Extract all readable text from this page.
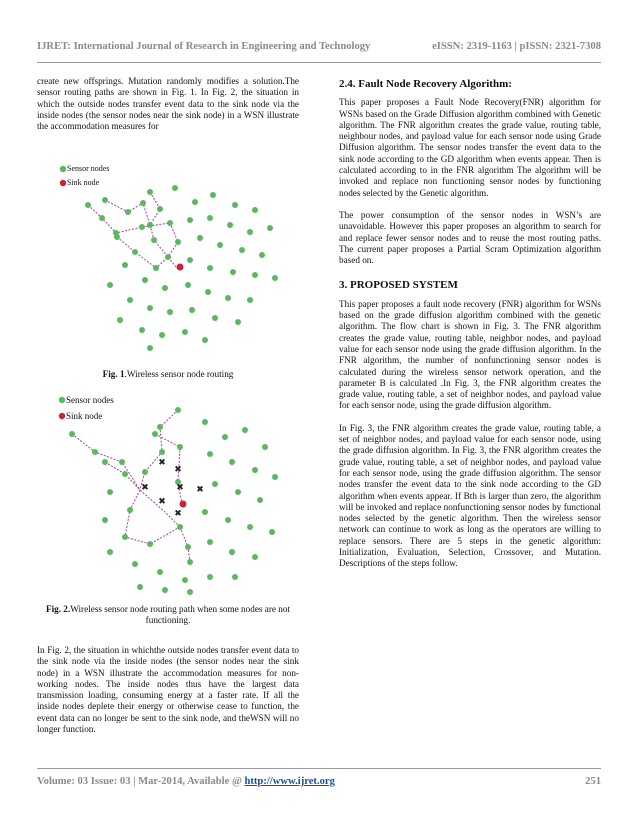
IJRET: International Journal of Research in Engineering and Technology	eISSN: 2319-1163 | pISSN: 2321-7308

create new offsprings. Mutation randomly modifies a solution.The sensor routing paths are shown in Fig. 1. In Fig. 2, the situation in which the outside nodes transfer event data to the sink node via the inside nodes (the sensor nodes near the sink node) in a WSN illustrate the accommodation measures for

Sensor nodes
Sink node
Fig. 1.Wireless sensor node routing
✖
✖
✖	✖ ✖
✖
✖
Sensor nodes
Sink node
Fig. 2.Wireless sensor node routing path when some nodes are not functioning.

In Fig. 2, the situation in whichthe outside nodes transfer event data to the sink node via the inside nodes (the sensor nodes near the sink node) in a WSN illustrate the accommodation measures for non-working nodes. The inside nodes thus have the largest data transmission loading, consuming energy at a faster rate. If all the inside nodes deplete their energy or otherwise cease to function, the event data can no longer be sent to the sink node, and theWSN will no longer function.

2.4. Fault Node Recovery Algorithm:

This paper proposes a Fault Node Recovery(FNR) algorithm for WSNs based on the Grade Diffusion algorithm combined with Genetic algorithm. The FNR algorithm creates the grade value, routing table, neighbour nodes, and payload value for each sensor node using Grade Diffusion algorithm. The sensor nodes transfer the event data to the sink node according to the GD algorithm when events appear. Then is calculated according to in the FNR algorithm The algorithm will be invoked and replace non functioning sensor nodes by functioning nodes selected by the Genetic algorithm.

The power consumption of the sensor nodes in WSN’s are unavoidable. However this paper proposes an algorithm to search for and replace fewer sensor nodes and to reuse the most routing paths. The current paper proposes a Partial Scram Optimization algorithm based on.

3. PROPOSED SYSTEM

This paper proposes a fault node recovery (FNR) algorithm for WSNs based on the grade diffusion algorithm combined with the genetic algorithm. The flow chart is shown in Fig. 3. The FNR algorithm creates the grade value, routing table, neighbor nodes, and payload value for each sensor node using the grade diffusion algorithm. In the FNR algorithm, the number of nonfunctioning sensor nodes is calculated during the wireless sensor network operation, and the parameter B is calculated .In Fig. 3, the FNR algorithm creates the grade value, routing table, a set of neighbor nodes, and payload value for each sensor node, using the grade diffusion algorithm.

In Fig. 3, the FNR algorithm creates the grade value, routing table, a set of neighbor nodes, and payload value for each sensor node, using the grade diffusion algorithm. In Fig. 3, the FNR algorithm creates the grade value, routing table, a set of neighbor nodes, and payload value for each sensor node, using the grade diffusion algorithm. The sensor nodes transfer the event data to the sink node according to the GD algorithm when events appear. If Bth is larger than zero, the algorithm will be invoked and replace nonfunctioning sensor nodes by functional nodes selected by the genetic algorithm. Then the wireless sensor network can continue to work as long as the operators are willing to replace sensors. There are 5 steps in the genetic algorithm: Initialization, Evaluation, Selection, Crossover, and Mutation. Descriptions of the steps follow.

Volume: 03 Issue: 03 | Mar-2014, Available @ http://www.ijret.org	251
